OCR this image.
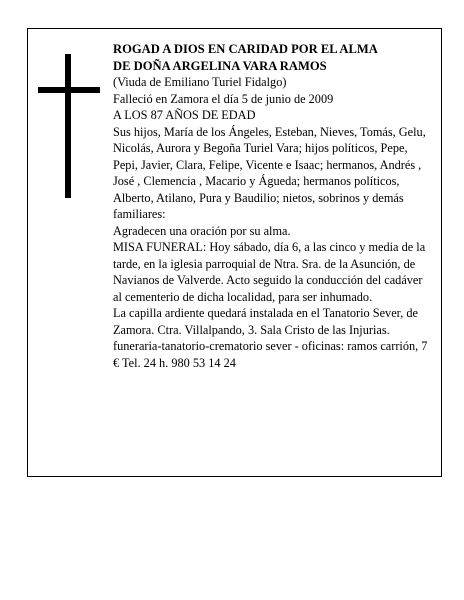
ROGAD A DIOS EN CARIDAD POR EL ALMA

DE DOÑA ARGELINA VARA RAMOS

(Viuda de Emiliano Turiel Fidalgo)

Falleció en Zamora el día 5 de junio de 2009

A LOS 87 AÑOS DE EDAD

Sus hijos, María de los Ángeles, Esteban, Nieves, Tomás, Gelu, Nicolás, Aurora y Begoña Turiel Vara; hijos políticos, Pepe, Pepi, Javier, Clara, Felipe, Vicente e Isaac; hermanos, Andrés , José , Clemencia , Macario y Águeda; hermanos políticos, Alberto, Atilano, Pura y Baudilio; nietos, sobrinos y demás familiares:

Agradecen una oración por su alma.

MISA FUNERAL: Hoy sábado, día 6, a las cinco y media de la tarde, en la iglesia parroquial de Ntra. Sra. de la Asunción, de Navianos de Valverde. Acto seguido la conducción del cadáver al cementerio de dicha localidad, para ser inhumado.

La capilla ardiente quedará instalada en el Tanatorio Sever, de Zamora. Ctra. Villalpando, 3. Sala Cristo de las Injurias.

funeraria-tanatorio-crematorio sever - oficinas: ramos carrión, 7 € Tel. 24 h. 980 53 14 24
